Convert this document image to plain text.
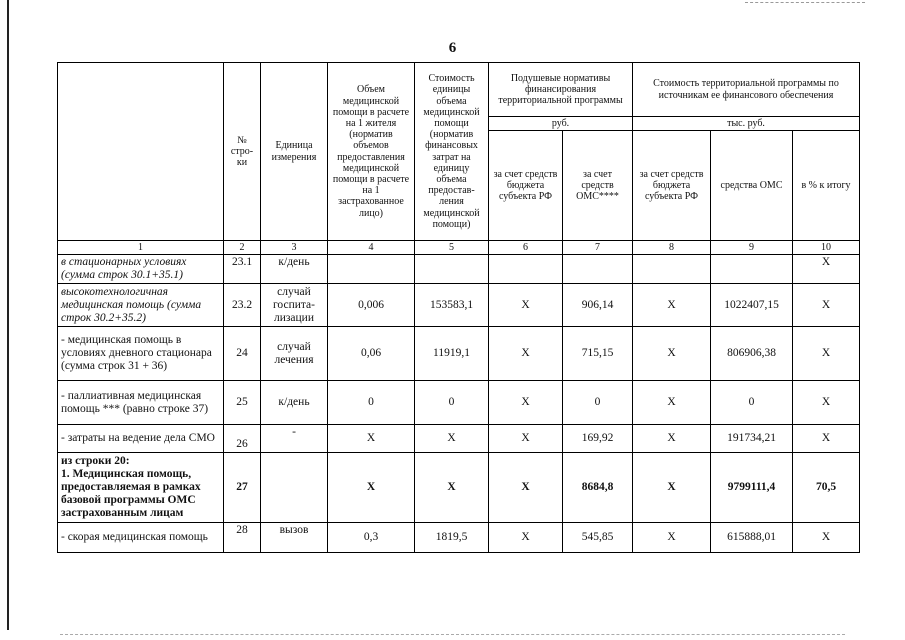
6
	№ стро-ки	Единица измерения	Объем медицинской помощи в расчете на 1 жителя (норматив объемов предоставления медицинской помощи в расчете на 1 застрахованное лицо)	Стоимость единицы объема медицинской помощи (норматив финансовых затрат на единицу объема предостав-ления медицинской помощи)	Подушевые нормативы финансирования территориальной программы		Стоимость территориальной программы по источникам ее финансового обеспечения		
					руб.		тыс. руб.		
					за счет средств бюджета субъекта РФ	за счет средств ОМС****	за счет средств бюджета субъекта РФ	средства ОМС	в % к итогу
1	2	3	4	5	6	7	8	9	10
в стационарных условиях (сумма строк 30.1+35.1)	23.1	к/день							X
высокотехнологичная медицинская помощь (сумма строк 30.2+35.2)	23.2	случай госпита-лизации	0,006	153583,1	X	906,14	X	1022407,15	X
- медицинская помощь в условиях дневного стационара (сумма строк 31 + 36)	24	случай лечения	0,06	11919,1	X	715,15	X	806906,38	X
- паллиативная медицинская помощь *** (равно строке 37)	25	к/день	0	0	X	0	X	0	X
- затраты на ведение дела СМО	26	-	X	X	X	169,92	X	191734,21	X
из строки 20:
1. Медицинская помощь, предоставляемая в рамках базовой программы ОМС застрахованным лицам	27		X	X	X	8684,8	X	9799111,4	70,5
- скорая медицинская помощь	28	вызов	0,3	1819,5	X	545,85	X	615888,01	X
